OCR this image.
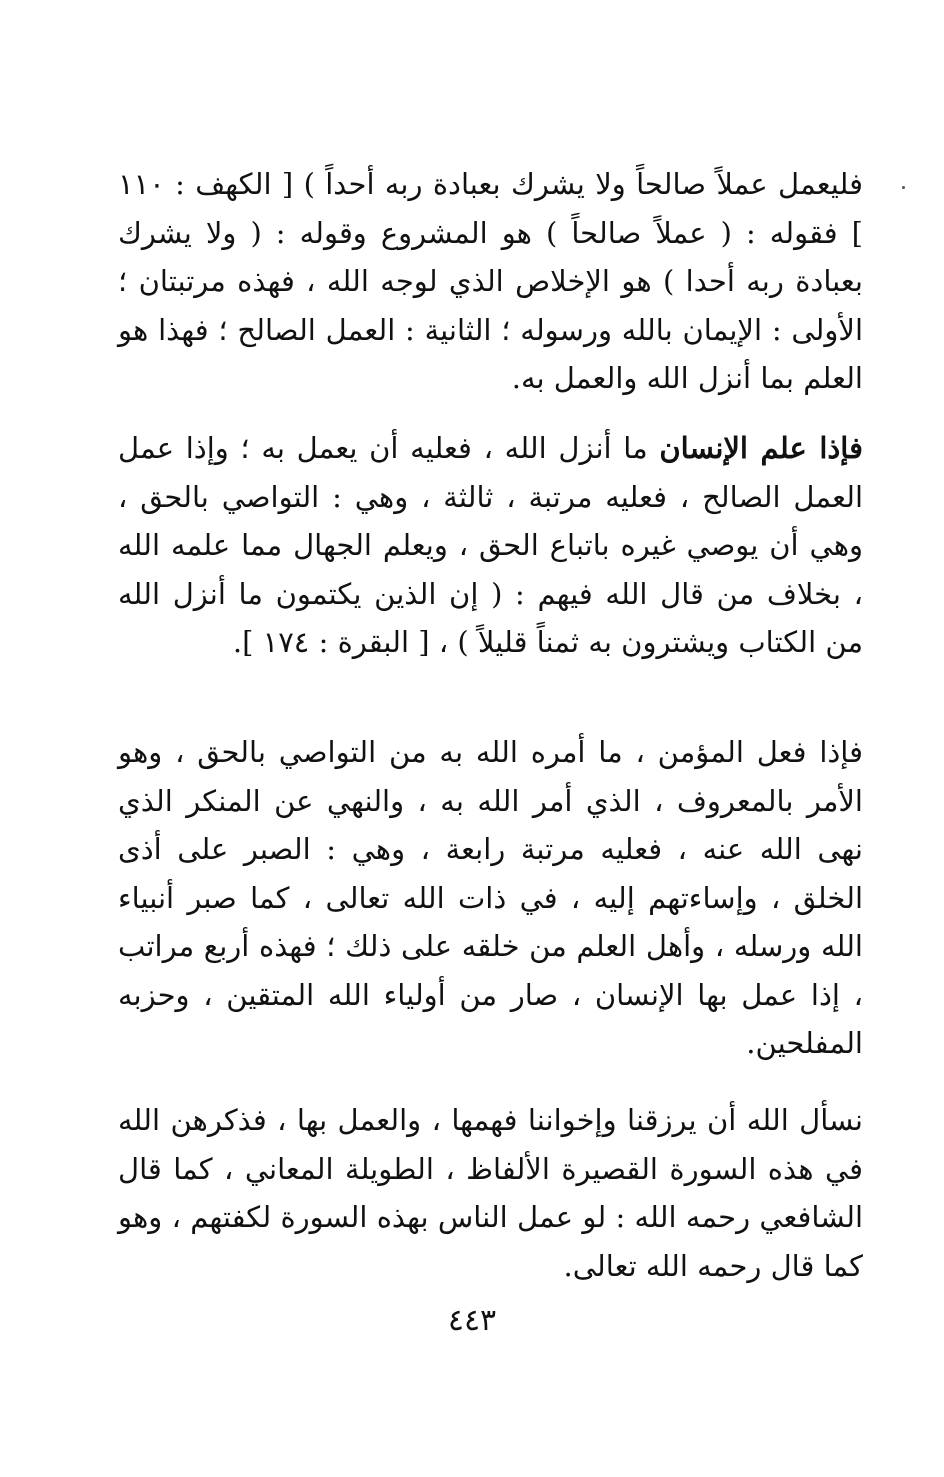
فليعمل عملاً صالحاً ولا يشرك بعبادة ربه أحداً ) [ الكهف : ١١٠ ] فقوله : ( عملاً صالحاً ) هو المشروع وقوله : ( ولا يشرك بعبادة ربه أحدا ) هو الإخلاص الذي لوجه الله ، فهذه مرتبتان ؛ الأولى : الإيمان بالله ورسوله ؛ الثانية : العمل الصالح ؛ فهذا هو العلم بما أنزل الله والعمل به.

فإذا علم الإنسان ما أنزل الله ، فعليه أن يعمل به ؛ وإذا عمل العمل الصالح ، فعليه مرتبة ، ثالثة ، وهي : التواصي بالحق ، وهي أن يوصي غيره باتباع الحق ، ويعلم الجهال مما علمه الله ، بخلاف من قال الله فيهم : ( إن الذين يكتمون ما أنزل الله من الكتاب ويشترون به ثمناً قليلاً ) ، [ البقرة : ١٧٤ ].

فإذا فعل المؤمن ، ما أمره الله به من التواصي بالحق ، وهو الأمر بالمعروف ، الذي أمر الله به ، والنهي عن المنكر الذي نهى الله عنه ، فعليه مرتبة رابعة ، وهي : الصبر على أذى الخلق ، وإساءتهم إليه ، في ذات الله تعالى ، كما صبر أنبياء الله ورسله ، وأهل العلم من خلقه على ذلك ؛ فهذه أربع مراتب ، إذا عمل بها الإنسان ، صار من أولياء الله المتقين ، وحزبه المفلحين.

نسأل الله أن يرزقنا وإخواننا فهمها ، والعمل بها ، فذكرهن الله في هذه السورة القصيرة الألفاظ ، الطويلة المعاني ، كما قال الشافعي رحمه الله : لو عمل الناس بهذه السورة لكفتهم ، وهو كما قال رحمه الله تعالى.

٤٤٣
